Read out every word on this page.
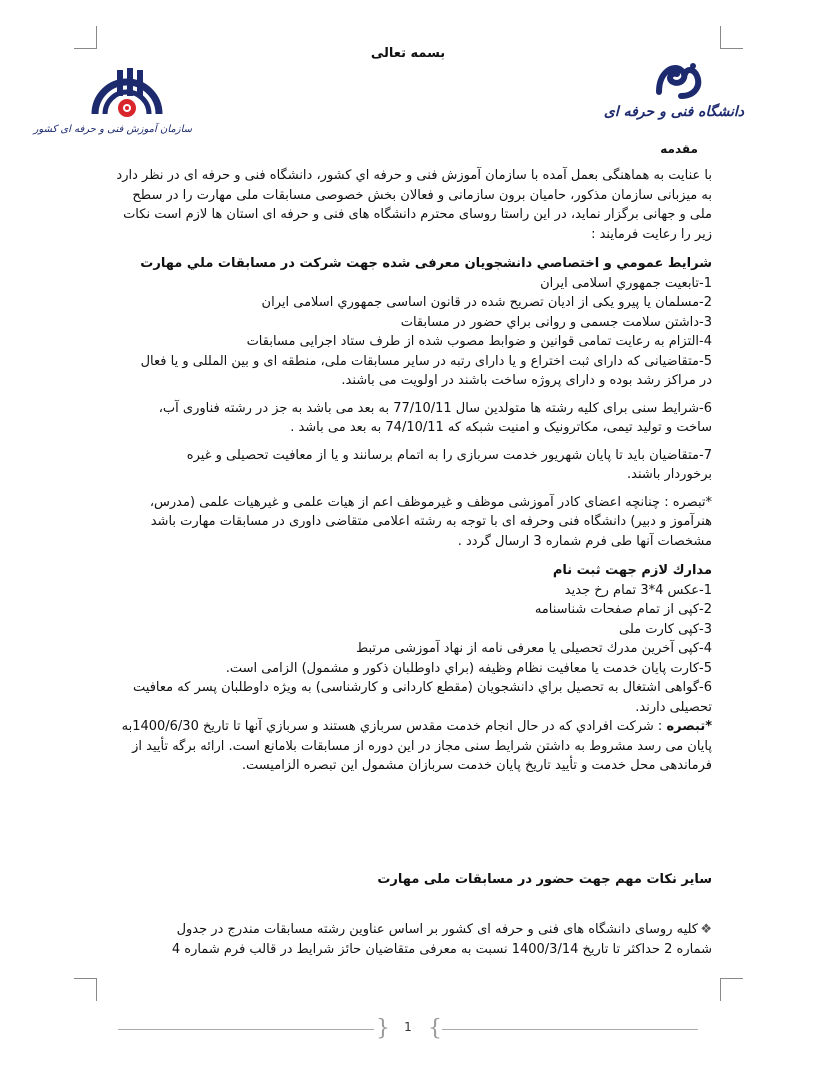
بسمه تعالی
دانشگاه فنی و حرفه ای
سازمان آموزش فنی و حرفه ای کشور
مقدمه

با عنایت به هماهنگی بعمل آمده با سازمان آموزش فنی و حرفه اي کشور، دانشگاه فنی و حرفه ای در نظر دارد

به میزبانی سازمان مذکور، حامیان برون سازمانی و فعالان بخش خصوصی مسابقات ملی مهارت را در سطح

ملی و جهانی برگزار نماید، در این راستا روسای محترم دانشگاه های فنی و حرفه ای استان ها لازم است نکات

زیر را رعایت فرمایند :

شرایط عمومي و اختصاصي دانشجویان معرفی شده جهت شرکت در مسابقات ملي مهارت

1-تابعیت جمهوري اسلامی ایران

2-مسلمان یا پیرو یکی از ادیان تصریح شده در قانون اساسی جمهوري اسلامی ایران

3-داشتن سلامت جسمی و روانی براي حضور در مسابقات

4-التزام به رعایت تمامی قوانین و ضوابط مصوب شده از طرف ستاد اجرایی مسابقات

5-متقاضیانی که دارای ثبت اختراع و یا دارای رتبه در سایر مسابقات ملی، منطقه ای و بین المللی و یا فعال

در مراکز رشد بوده و دارای پروژه ساخت باشند در اولویت می باشند.

6-شرایط سنی برای کلیه رشته ها متولدین سال 77/10/11 به بعد می باشد به جز در رشته فناوری آب،

ساخت و تولید تیمی، مکاترونیک و امنیت شبکه که 74/10/11 به بعد می باشد .

7-متقاضیان باید تا پایان شهریور خدمت سربازی را به اتمام برسانند و یا از معافیت تحصیلی و غیره

برخوردار باشند.

*تبصره : چنانچه اعضای کادر آموزشی موظف و غیرموظف اعم از هیات علمی و غیرهیات علمی (مدرس،

هنرآموز و دبیر) دانشگاه فنی وحرفه ای با توجه به رشته اعلامی متقاضی داوری در مسابقات مهارت باشد

مشخصات آنها طی فرم شماره 3 ارسال گردد .

مدارك لازم جهت ثبت نام

1-عکس 4*3 تمام رخ جدید

2-کپی از تمام صفحات شناسنامه

3-کپی کارت ملی

4-کپی آخرین مدرك تحصیلی یا معرفی نامه از نهاد آموزشی مرتبط

5-کارت پایان خدمت یا معافیت نظام وظیفه (براي داوطلبان ذکور و مشمول) الزامی است.

6-گواهی اشتغال به تحصیل براي دانشجویان (مقطع کاردانی و کارشناسی) به ویژه داوطلبان پسر که معافیت

تحصیلی دارند.

*تبصره : شرکت افرادي که در حال انجام خدمت مقدس سربازي هستند و سربازي آنها تا تاریخ 1400/6/30به

پایان می رسد مشروط به داشتن شرایط سنی مجاز در این دوره از مسابقات بلامانع است. ارائه برگه تأیید از

فرماندهی محل خدمت و تأیید تاریخ پایان خدمت سربازان مشمول این تبصره الزامیست.

سایر نکات مهم جهت حضور در مسابقات ملی مهارت

❖کلیه روسای دانشگاه های فنی و حرفه ای کشور بر اساس عناوین رشته مسابقات مندرج در جدول

شماره 2 حداکثر تا تاریخ 1400/3/14 نسبت به معرفی متقاضیان حائز شرایط در قالب فرم شماره 4

{	1 }
